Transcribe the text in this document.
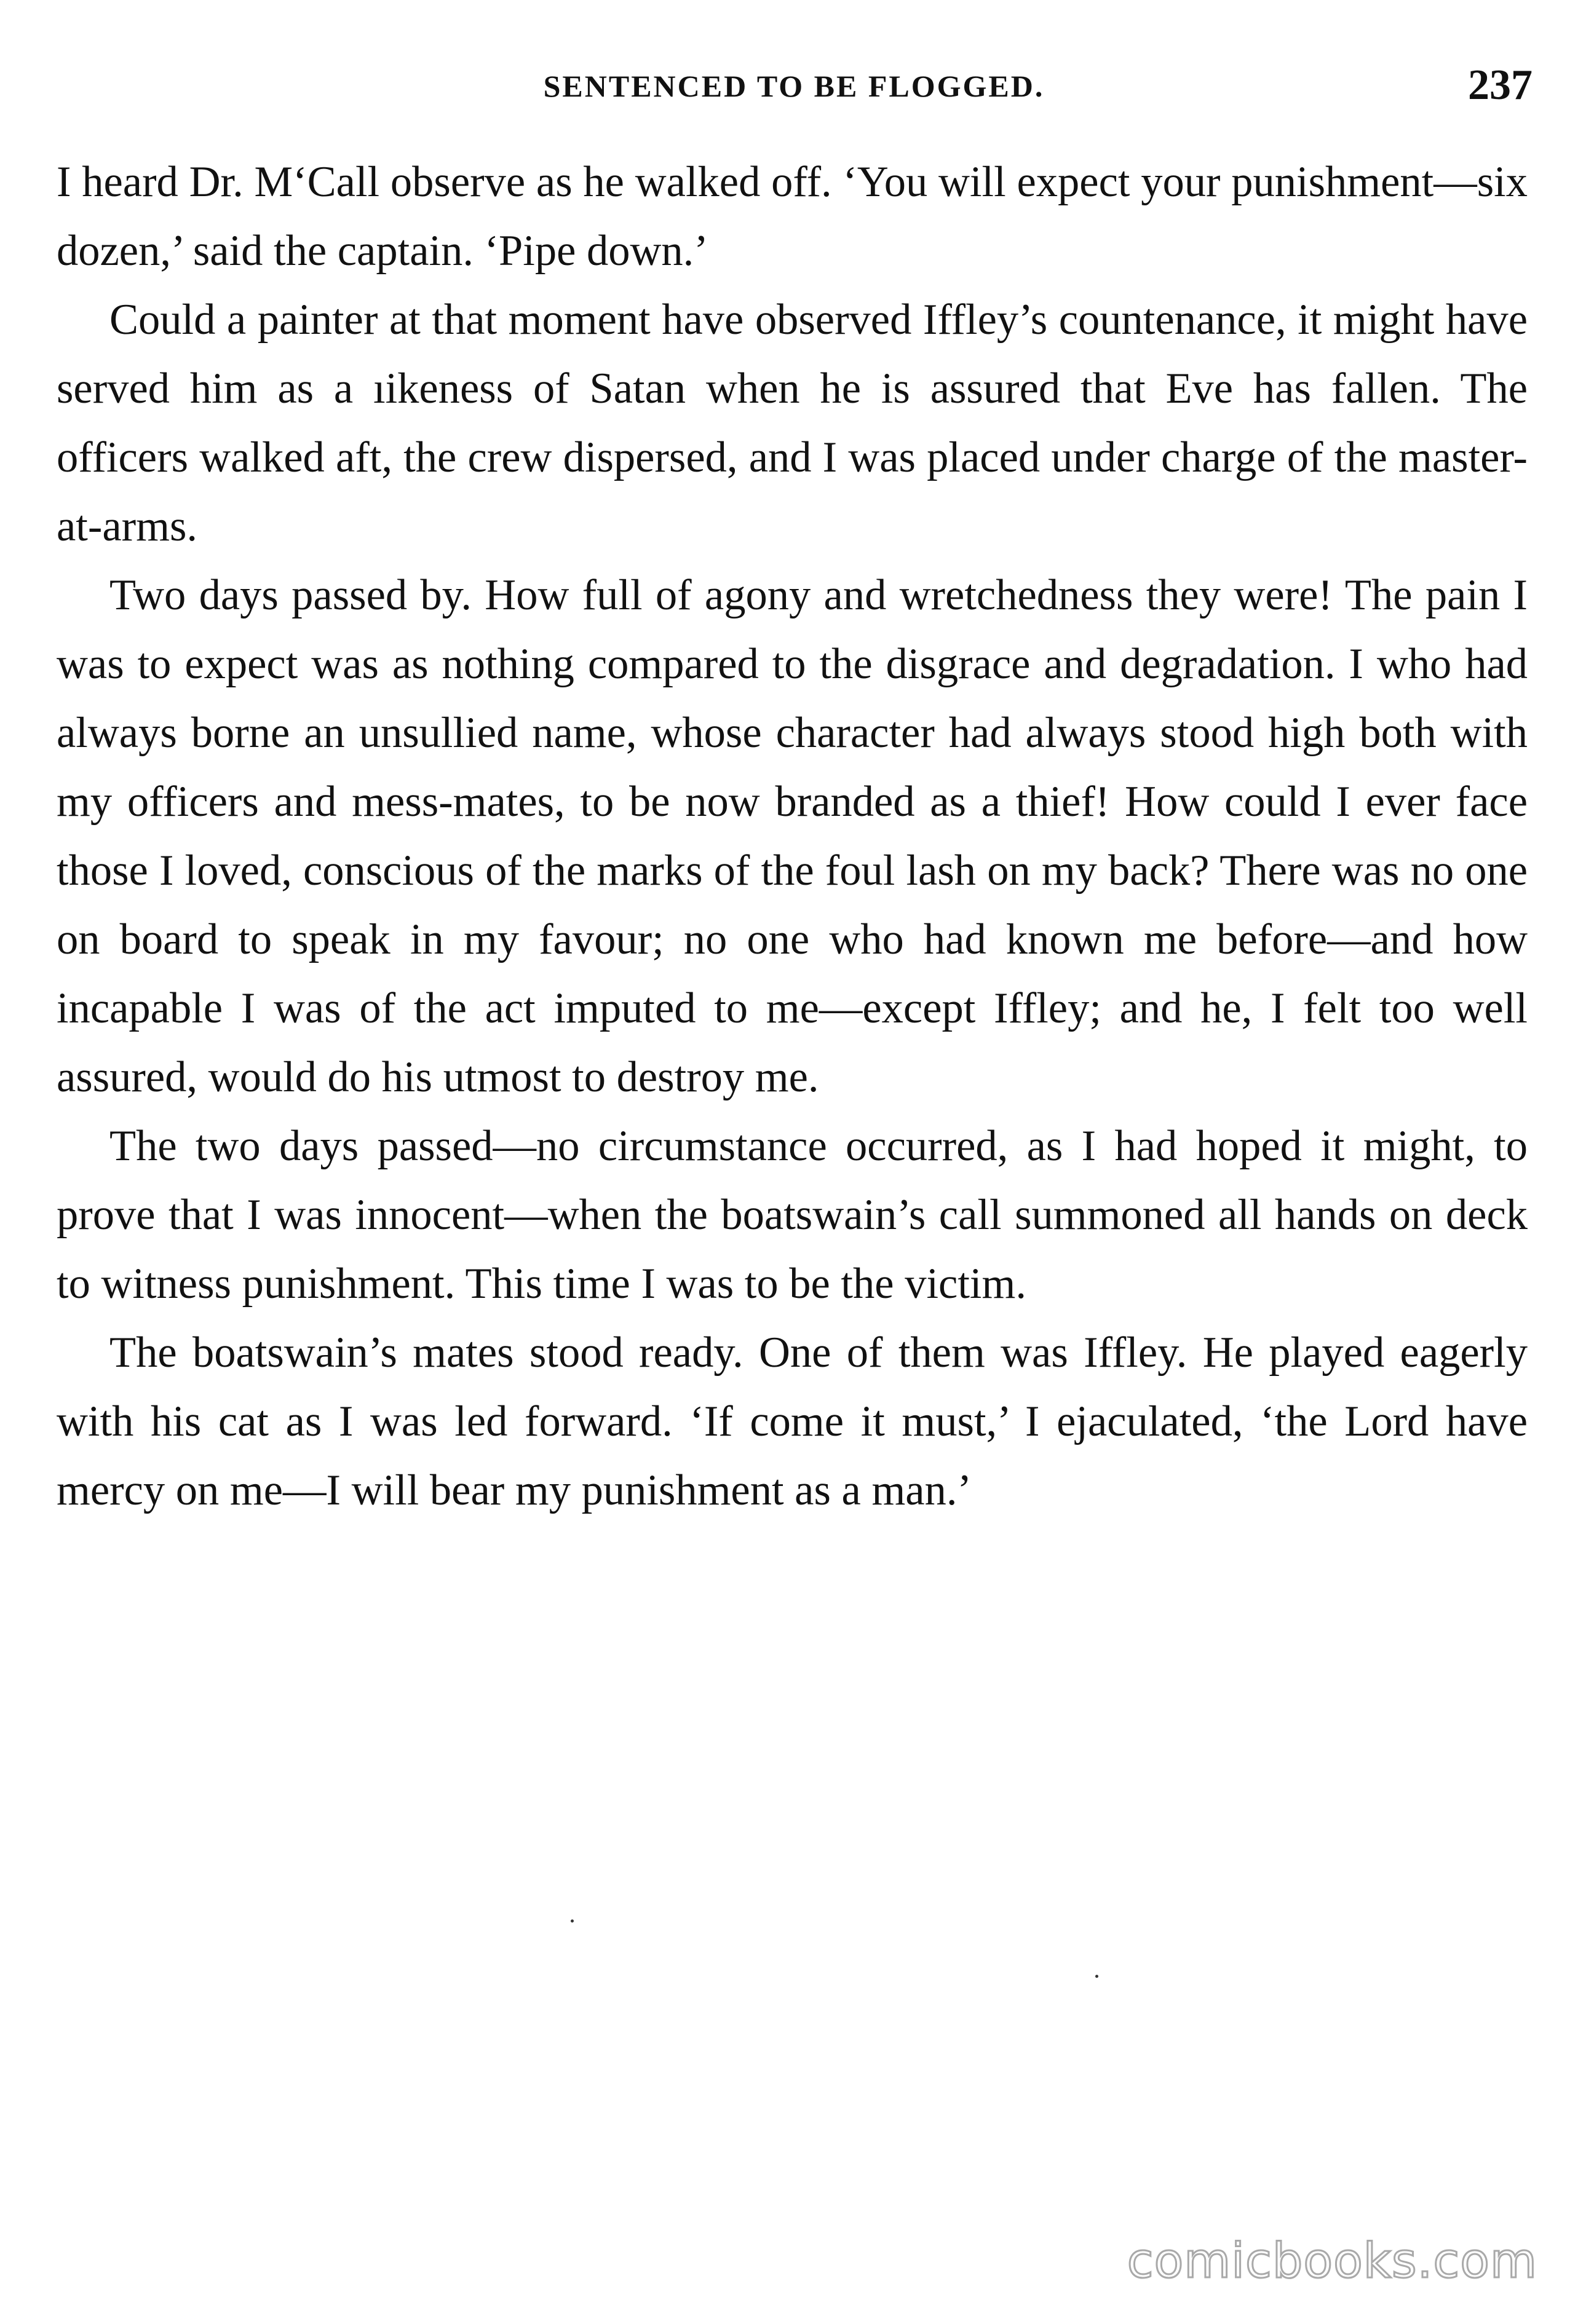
SENTENCED TO BE FLOGGED.	237

I heard Dr. M‘Call observe as he walked off. ‘You will expect your punishment—six dozen,’ said the captain. ‘Pipe down.’

Could a painter at that moment have observed Iffley’s countenance, it might have served him as a ıikeness of Satan when he is assured that Eve has fallen. The officers walked aft, the crew dispersed, and I was placed under charge of the master-at-arms.

Two days passed by. How full of agony and wretchedness they were! The pain I was to expect was as nothing compared to the disgrace and degradation. I who had always borne an unsullied name, whose character had always stood high both with my officers and mess-mates, to be now branded as a thief! How could I ever face those I loved, conscious of the marks of the foul lash on my back? There was no one on board to speak in my favour; no one who had known me before—and how incapable I was of the act imputed to me—except Iffley; and he, I felt too well assured, would do his utmost to destroy me.

The two days passed—no circumstance occurred, as I had hoped it might, to prove that I was innocent—when the boatswain’s call summoned all hands on deck to witness punishment. This time I was to be the victim.

The boatswain’s mates stood ready. One of them was Iffley. He played eagerly with his cat as I was led forward. ‘If come it must,’ I ejaculated, ‘the Lord have mercy on me—I will bear my punishment as a man.’

comicbooks.com
